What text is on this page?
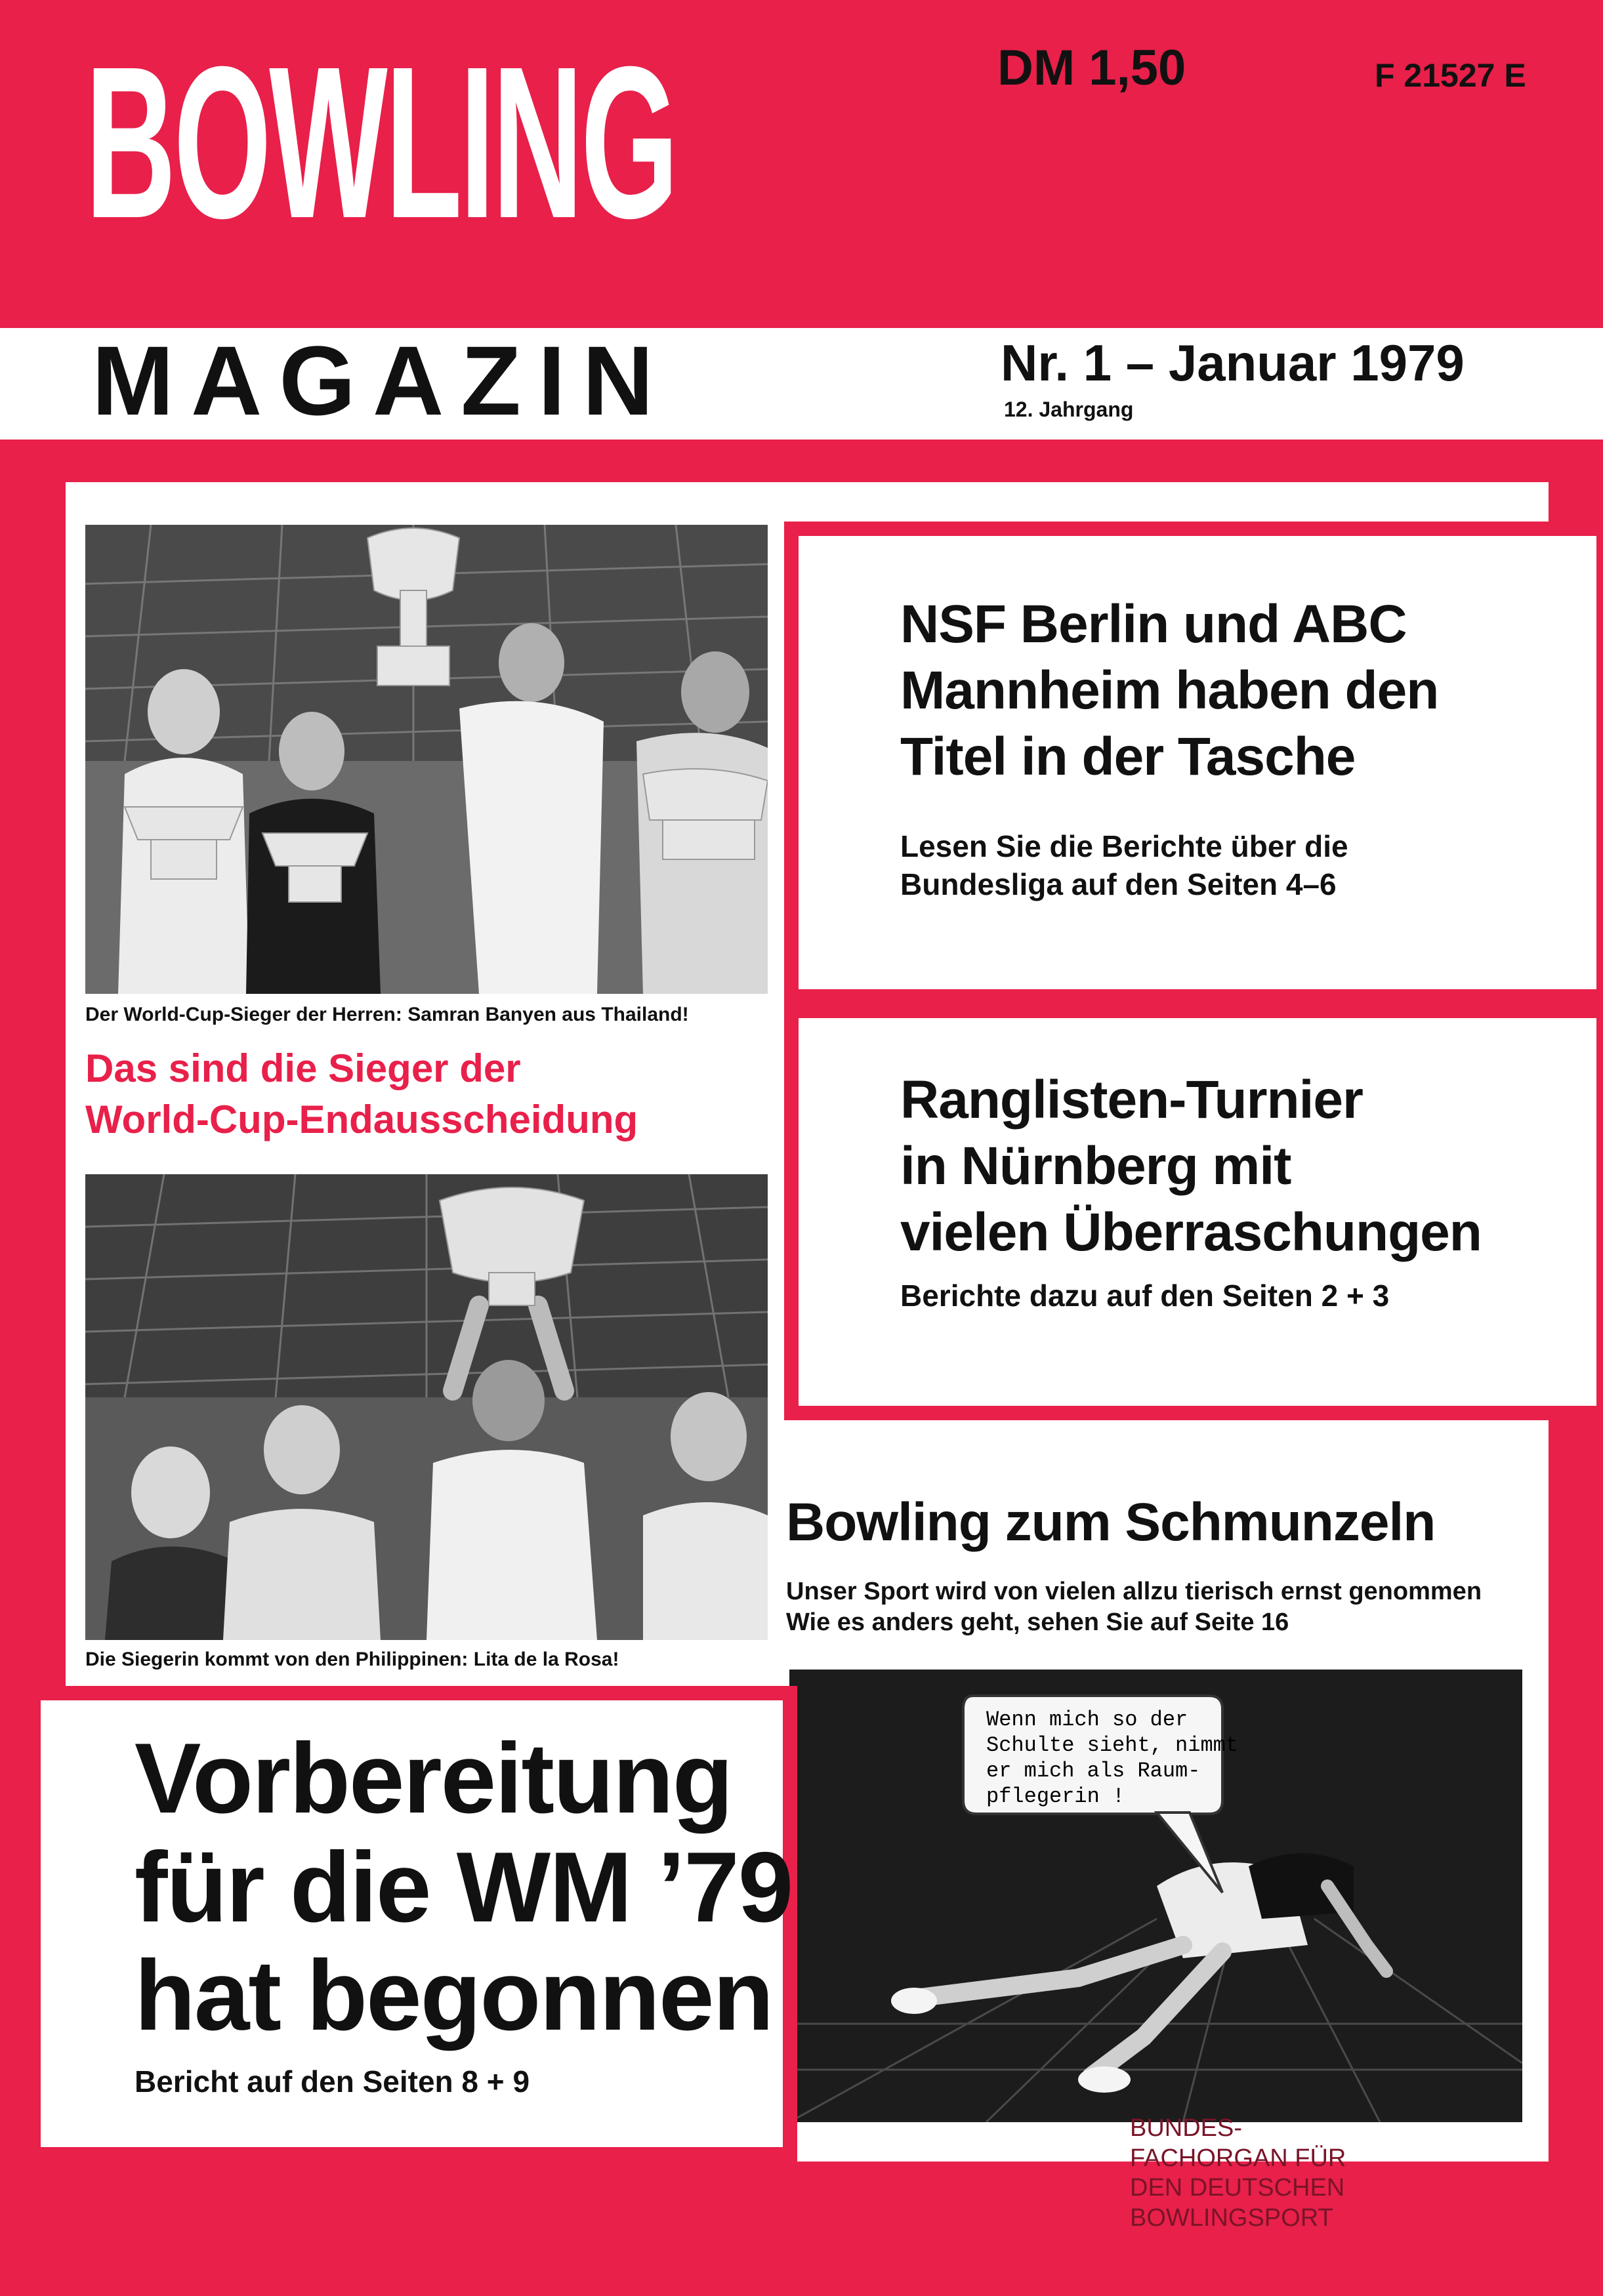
BOWLING	DM 1,50	F 21527 E
MAGAZIN	Nr. 1 – Januar 1979
12. Jahrgang
Der World-Cup-Sieger der Herren: Samran Banyen aus Thailand!
Das sind die Sieger der
World-Cup-Endausscheidung
Die Siegerin kommt von den Philippinen: Lita de la Rosa!
NSF Berlin und ABC
Mannheim haben den
Titel in der Tasche

Lesen Sie die Berichte über die
Bundesliga auf den Seiten 4–6

Ranglisten-Turnier
in Nürnberg mit
vielen Überraschungen

Berichte dazu auf den Seiten 2 + 3

Bowling zum Schmunzeln

Unser Sport wird von vielen allzu tierisch ernst genommen
Wie es anders geht, sehen Sie auf Seite 16

Wenn mich so der
Schulte sieht, nimmt
er mich als Raum-
pflegerin !
Vorbereitung
für die WM ’79
hat begonnen

Bericht auf den Seiten 8 + 9

BUNDES-
FACHORGAN FÜR
DEN DEUTSCHEN
BOWLINGSPORT
